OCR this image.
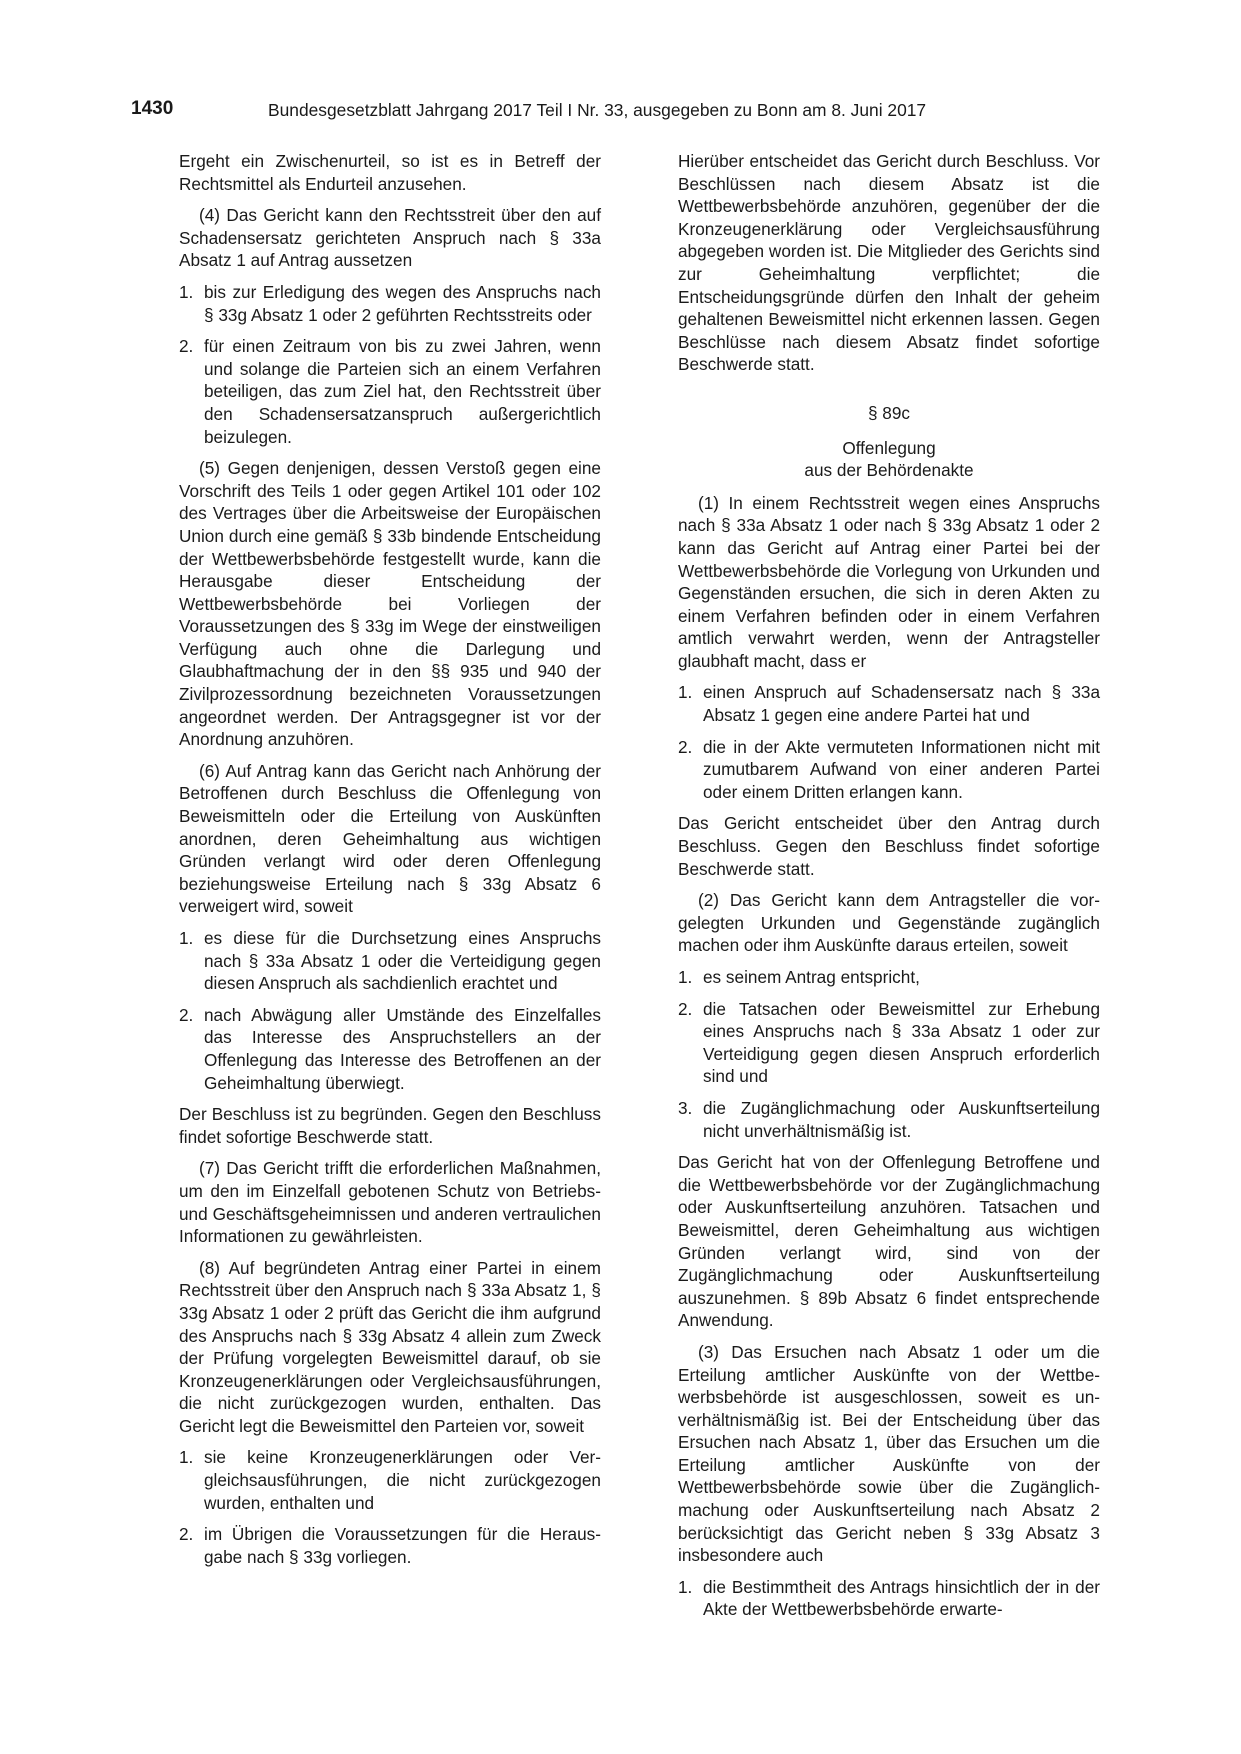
1430	Bundesgesetzblatt Jahrgang 2017 Teil I Nr. 33, ausgegeben zu Bonn am 8. Juni 2017

Ergeht ein Zwischenurteil, so ist es in Betreff der Rechtsmittel als Endurteil anzusehen.

(4) Das Gericht kann den Rechtsstreit über den auf Schadensersatz gerichteten Anspruch nach § 33a Absatz 1 auf Antrag aussetzen

1. bis zur Erledigung des wegen des Anspruchs nach § 33g Absatz 1 oder 2 geführten Rechtsstreits oder
2. für einen Zeitraum von bis zu zwei Jahren, wenn und solange die Parteien sich an einem Verfahren beteiligen, das zum Ziel hat, den Rechtsstreit über den Schadensersatzanspruch außergerichtlich beizulegen.

(5) Gegen denjenigen, dessen Verstoß gegen eine Vorschrift des Teils 1 oder gegen Artikel 101 oder 102 des Vertrages über die Arbeitsweise der Europäischen Union durch eine gemäß § 33b bindende Entscheidung der Wettbewerbsbehörde festgestellt wurde, kann die Herausgabe dieser Entscheidung der Wettbewerbsbehörde bei Vorliegen der Voraussetzungen des § 33g im Wege der einstweiligen Verfügung auch ohne die Darlegung und Glaubhaftmachung der in den §§ 935 und 940 der Zivilprozessordnung bezeichneten Voraussetzungen angeordnet werden. Der Antragsgegner ist vor der Anordnung anzuhören.

(6) Auf Antrag kann das Gericht nach Anhörung der Betroffenen durch Beschluss die Offenlegung von Beweismitteln oder die Erteilung von Auskünften anordnen, deren Geheimhaltung aus wichtigen Gründen verlangt wird oder deren Offenlegung beziehungsweise Erteilung nach § 33g Absatz 6 verweigert wird, soweit

1. es diese für die Durchsetzung eines Anspruchs nach § 33a Absatz 1 oder die Verteidigung gegen diesen Anspruch als sachdienlich erachtet und
2. nach Abwägung aller Umstände des Einzelfalles das Interesse des Anspruchstellers an der Offenlegung das Interesse des Betroffenen an der Geheimhaltung überwiegt.

Der Beschluss ist zu begründen. Gegen den Beschluss findet sofortige Beschwerde statt.

(7) Das Gericht trifft die erforderlichen Maßnahmen, um den im Einzelfall gebotenen Schutz von Betriebs- und Geschäftsgeheimnissen und anderen vertraulichen Informationen zu gewährleisten.

(8) Auf begründeten Antrag einer Partei in einem Rechtsstreit über den Anspruch nach § 33a Absatz 1, § 33g Absatz 1 oder 2 prüft das Gericht die ihm aufgrund des Anspruchs nach § 33g Absatz 4 allein zum Zweck der Prüfung vorgelegten Beweismittel darauf, ob sie Kronzeugenerklärungen oder Vergleichsausführungen, die nicht zurückgezogen wurden, enthalten. Das Gericht legt die Beweismittel den Parteien vor, soweit

1. sie keine Kronzeugenerklärungen oder Vergleichsausführungen, die nicht zurückgezogen wurden, enthalten und
2. im Übrigen die Voraussetzungen für die Herausgabe nach § 33g vorliegen.

Hierüber entscheidet das Gericht durch Beschluss. Vor Beschlüssen nach diesem Absatz ist die Wettbewerbsbehörde anzuhören, gegenüber der die Kronzeugenerklärung oder Vergleichsausführung abgegeben worden ist. Die Mitglieder des Gerichts sind zur Geheimhaltung verpflichtet; die Entscheidungsgründe dürfen den Inhalt der geheim gehaltenen Beweismittel nicht erkennen lassen. Gegen Beschlüsse nach diesem Absatz findet sofortige Beschwerde statt.

§ 89c
Offenlegung
aus der Behördenakte

(1) In einem Rechtsstreit wegen eines Anspruchs nach § 33a Absatz 1 oder nach § 33g Absatz 1 oder 2 kann das Gericht auf Antrag einer Partei bei der Wettbewerbsbehörde die Vorlegung von Urkunden und Gegenständen ersuchen, die sich in deren Akten zu einem Verfahren befinden oder in einem Verfahren amtlich verwahrt werden, wenn der Antragsteller glaubhaft macht, dass er

1. einen Anspruch auf Schadensersatz nach § 33a Absatz 1 gegen eine andere Partei hat und
2. die in der Akte vermuteten Informationen nicht mit zumutbarem Aufwand von einer anderen Partei oder einem Dritten erlangen kann.

Das Gericht entscheidet über den Antrag durch Beschluss. Gegen den Beschluss findet sofortige Beschwerde statt.

(2) Das Gericht kann dem Antragsteller die vorgelegten Urkunden und Gegenstände zugänglich machen oder ihm Auskünfte daraus erteilen, soweit

1. es seinem Antrag entspricht,
2. die Tatsachen oder Beweismittel zur Erhebung eines Anspruchs nach § 33a Absatz 1 oder zur Verteidigung gegen diesen Anspruch erforderlich sind und
3. die Zugänglichmachung oder Auskunftserteilung nicht unverhältnismäßig ist.

Das Gericht hat von der Offenlegung Betroffene und die Wettbewerbsbehörde vor der Zugänglichmachung oder Auskunftserteilung anzuhören. Tatsachen und Beweismittel, deren Geheimhaltung aus wichtigen Gründen verlangt wird, sind von der Zugänglichmachung oder Auskunftserteilung auszunehmen. § 89b Absatz 6 findet entsprechende Anwendung.

(3) Das Ersuchen nach Absatz 1 oder um die Erteilung amtlicher Auskünfte von der Wettbewerbsbehörde ist ausgeschlossen, soweit es unverhältnismäßig ist. Bei der Entscheidung über das Ersuchen nach Absatz 1, über das Ersuchen um die Erteilung amtlicher Auskünfte von der Wettbewerbsbehörde sowie über die Zugänglichmachung oder Auskunftserteilung nach Absatz 2 berücksichtigt das Gericht neben § 33g Absatz 3 insbesondere auch

1. die Bestimmtheit des Antrags hinsichtlich der in der Akte der Wettbewerbsbehörde erwarte-
